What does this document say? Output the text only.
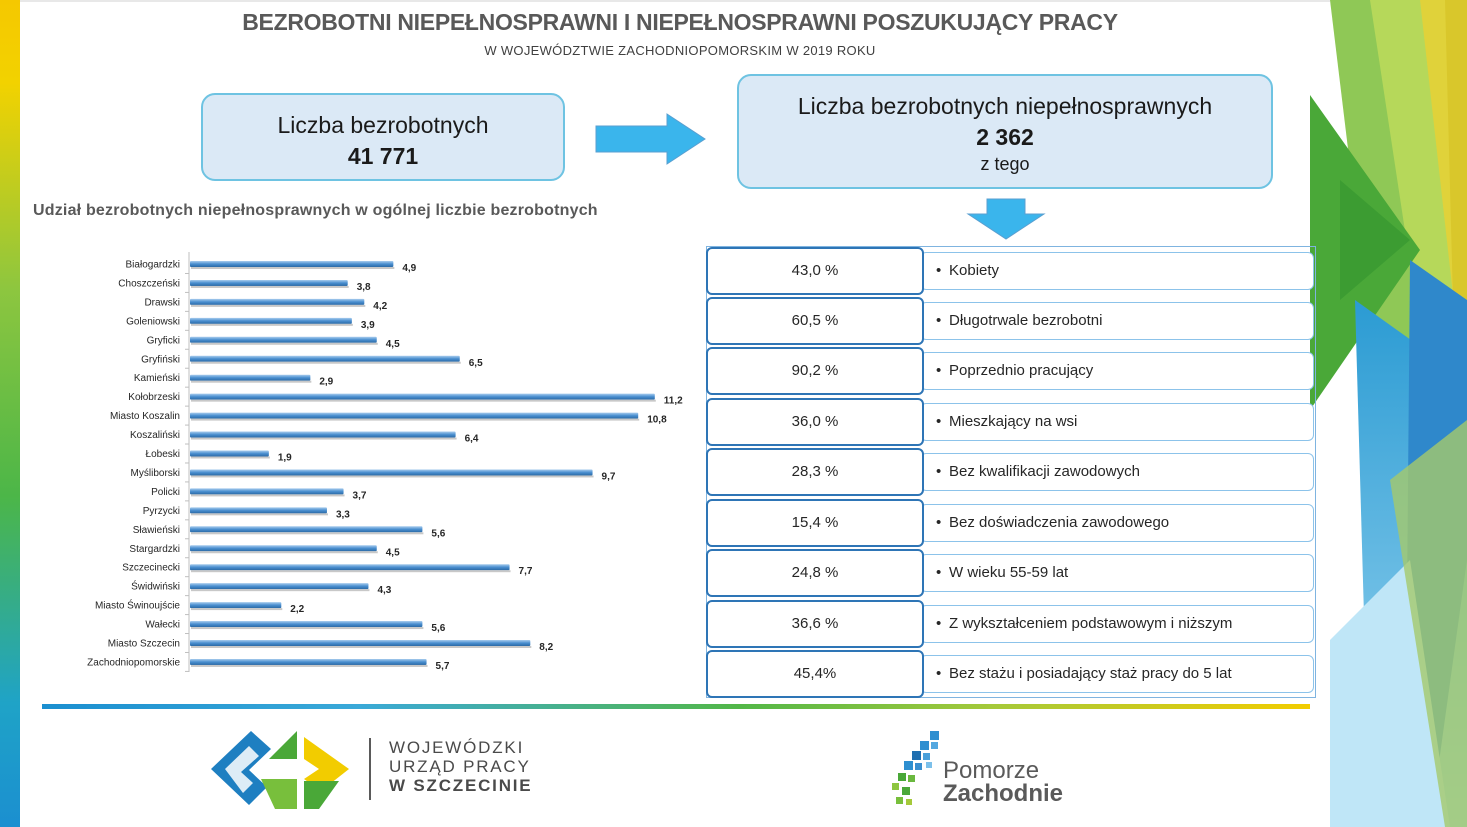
BEZROBOTNI NIEPEŁNOSPRAWNI I NIEPEŁNOSPRAWNI POSZUKUJĄCY PRACY
W WOJEWÓDZTWIE ZACHODNIOPOMORSKIM W 2019 ROKU
Liczba bezrobotnych
41 771
Liczba bezrobotnych niepełnosprawnych
2 362
z tego
Udział bezrobotnych niepełnosprawnych w ogólnej liczbie bezrobotnych
Białogardzki	4,9
Choszczeński	3,8
Drawski	4,2
Goleniowski	3,9
Gryficki	4,5
Gryfiński	6,5
Kamieński	2,9
Kołobrzeski	11,2
Miasto Koszalin	10,8
Koszaliński	6,4
Łobeski	1,9
Myśliborski	9,7
Policki	3,7
Pyrzycki	3,3
Sławieński	5,6
Stargardzki	4,5
Szczecinecki	7,7
Świdwiński	4,3
Miasto Świnoujście	2,2
Wałecki	5,6
Miasto Szczecin	8,2
Zachodniopomorskie	5,7
43,0 %	• Kobiety
60,5 %	• Długotrwale bezrobotni
90,2 %	• Poprzednio pracujący
36,0 %	• Mieszkający na wsi
28,3 %	• Bez kwalifikacji zawodowych
15,4 %	• Bez doświadczenia zawodowego
24,8 %	• W wieku 55-59 lat
36,6 %	• Z wykształceniem podstawowym i niższym
45,4%	• Bez stażu i posiadający staż pracy do 5 lat
WOJEWÓDZKI
URZĄD PRACY
W SZCZECINIE
Pomorze
Zachodnie
